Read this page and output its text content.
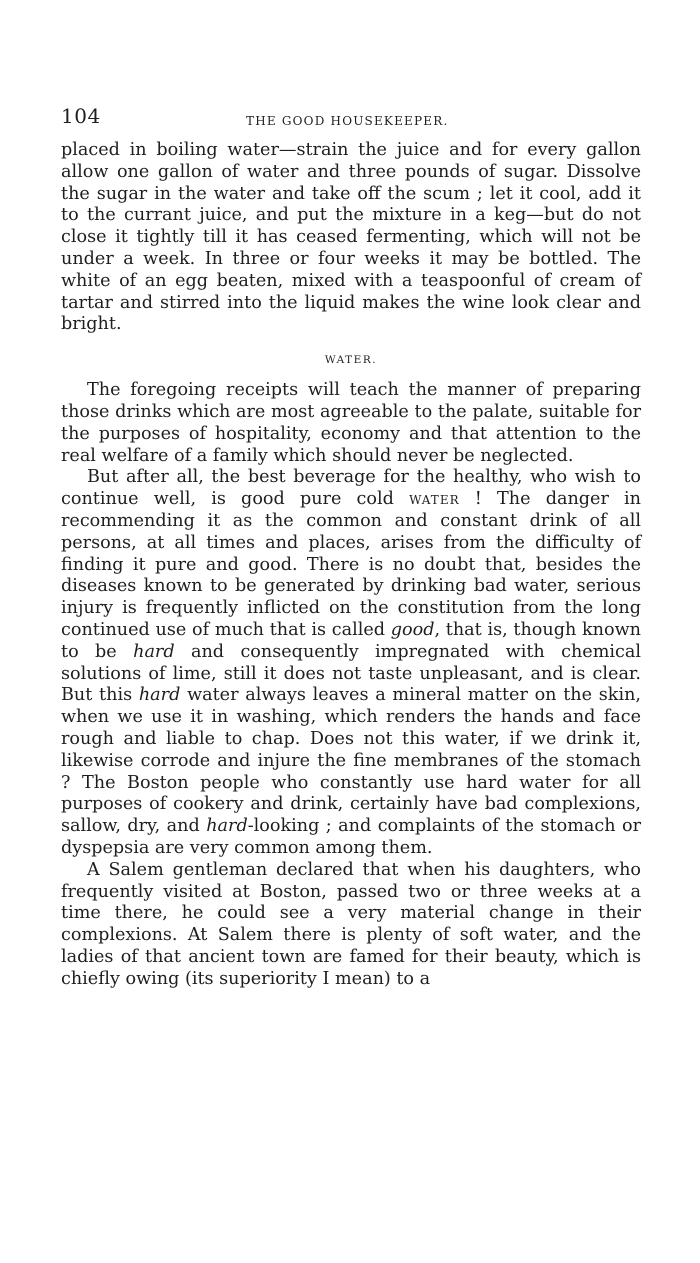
104	THE GOOD HOUSEKEEPER.

placed in boiling water—strain the juice and for every gallon allow one gallon of water and three pounds of sugar. Dissolve the sugar in the water and take off the scum ; let it cool, add it to the currant juice, and put the mixture in a keg—but do not close it tightly till it has ceased fermenting, which will not be under a week. In three or four weeks it may be bottled. The white of an egg beaten, mixed with a teaspoonful of cream of tartar and stirred into the liquid makes the wine look clear and bright.

WATER.

The foregoing receipts will teach the manner of preparing those drinks which are most agreeable to the palate, suitable for the purposes of hospitality, economy and that attention to the real welfare of a family which should never be neglected.

But after all, the best beverage for the healthy, who wish to continue well, is good pure cold water ! The danger in recommending it as the common and constant drink of all persons, at all times and places, arises from the difficulty of finding it pure and good. There is no doubt that, besides the diseases known to be generated by drinking bad water, serious injury is frequently inflicted on the constitution from the long continued use of much that is called good, that is, though known to be hard and consequently impregnated with chemical solutions of lime, still it does not taste unpleasant, and is clear. But this hard water always leaves a mineral matter on the skin, when we use it in washing, which renders the hands and face rough and liable to chap. Does not this water, if we drink it, likewise corrode and injure the fine membranes of the stomach ? The Boston people who constantly use hard water for all purposes of cookery and drink, certainly have bad complexions, sallow, dry, and hard-looking ; and complaints of the stomach or dyspepsia are very common among them.

A Salem gentleman declared that when his daughters, who frequently visited at Boston, passed two or three weeks at a time there, he could see a very material change in their complexions. At Salem there is plenty of soft water, and the ladies of that ancient town are famed for their beauty, which is chiefly owing (its superiority I mean) to a
